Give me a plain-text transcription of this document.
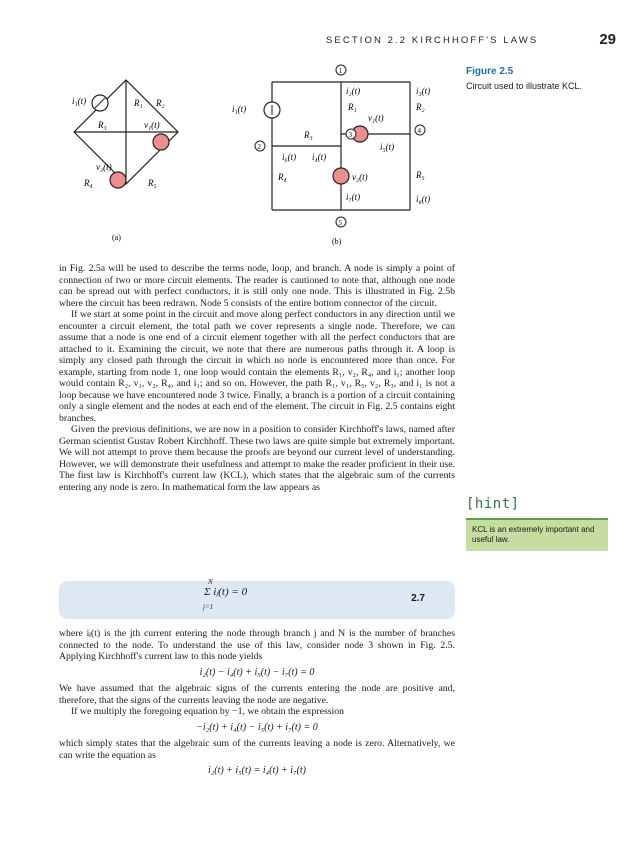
SECTION 2.2 KIRCHHOFF'S LAWS	29
Figure 2.5
Circuit used to illustrate KCL.
i₁(t)	R₁ R₂
R₃	v₁(t)
v₂(t)
R₄	R₅
(a)
1
2
3	4
5
i₁(t)
i₂(t)	i₃(t)
R₁	R₂
v₁(t)
R₃
i₆(t) i₄(t)
i₅(t)
R₄	v₂(t)	R₅
i₇(t)	i₈(t)
(b)

in Fig. 2.5a will be used to describe the terms node, loop, and branch. A node is simply a point of connection of two or more circuit elements. The reader is cautioned to note that, although one node can be spread out with perfect conductors, it is still only one node. This is illustrated in Fig. 2.5b where the circuit has been redrawn. Node 5 consists of the entire bottom connector of the circuit.

If we start at some point in the circuit and move along perfect conductors in any direction until we encounter a circuit element, the total path we cover represents a single node. Therefore, we can assume that a node is one end of a circuit element together with all the perfect conductors that are attached to it. Examining the circuit, we note that there are numerous paths through it. A loop is simply any closed path through the circuit in which no node is encountered more than once. For example, starting from node 1, one loop would contain the elements R₁, v₂, R₄, and i₁; another loop would contain R₂, v₁, v₂, R₄, and i₁; and so on. However, the path R₁, v₁, R₅, v₂, R₃, and i₁ is not a loop because we have encountered node 3 twice. Finally, a branch is a portion of a circuit containing only a single element and the nodes at each end of the element. The circuit in Fig. 2.5 contains eight branches.

Given the previous definitions, we are now in a position to consider Kirchhoff's laws, named after German scientist Gustav Robert Kirchhoff. These two laws are quite simple but extremely important. We will not attempt to prove them because the proofs are beyond our current level of understanding. However, we will demonstrate their usefulness and attempt to make the reader proficient in their use. The first law is Kirchhoff's current law (KCL), which states that the algebraic sum of the currents entering any node is zero. In mathematical form the law appears as

[hint]
KCL is an extremely important and useful law.
Σ iⱼ(t) = 0
N
j=1
2.7

where iⱼ(t) is the jth current entering the node through branch j and N is the number of branches connected to the node. To understand the use of this law, consider node 3 shown in Fig. 2.5. Applying Kirchhoff's current law to this node yields

i₂(t) − i₄(t) + i₅(t) − i₇(t) = 0

We have assumed that the algebraic signs of the currents entering the node are positive and, therefore, that the signs of the currents leaving the node are negative.

If we multiply the foregoing equation by −1, we obtain the expression

−i₂(t) + i₄(t) − i₅(t) + i₇(t) = 0

which simply states that the algebraic sum of the currents leaving a node is zero. Alternatively, we can write the equation as

i₂(t) + i₅(t) = i₄(t) + i₇(t)
